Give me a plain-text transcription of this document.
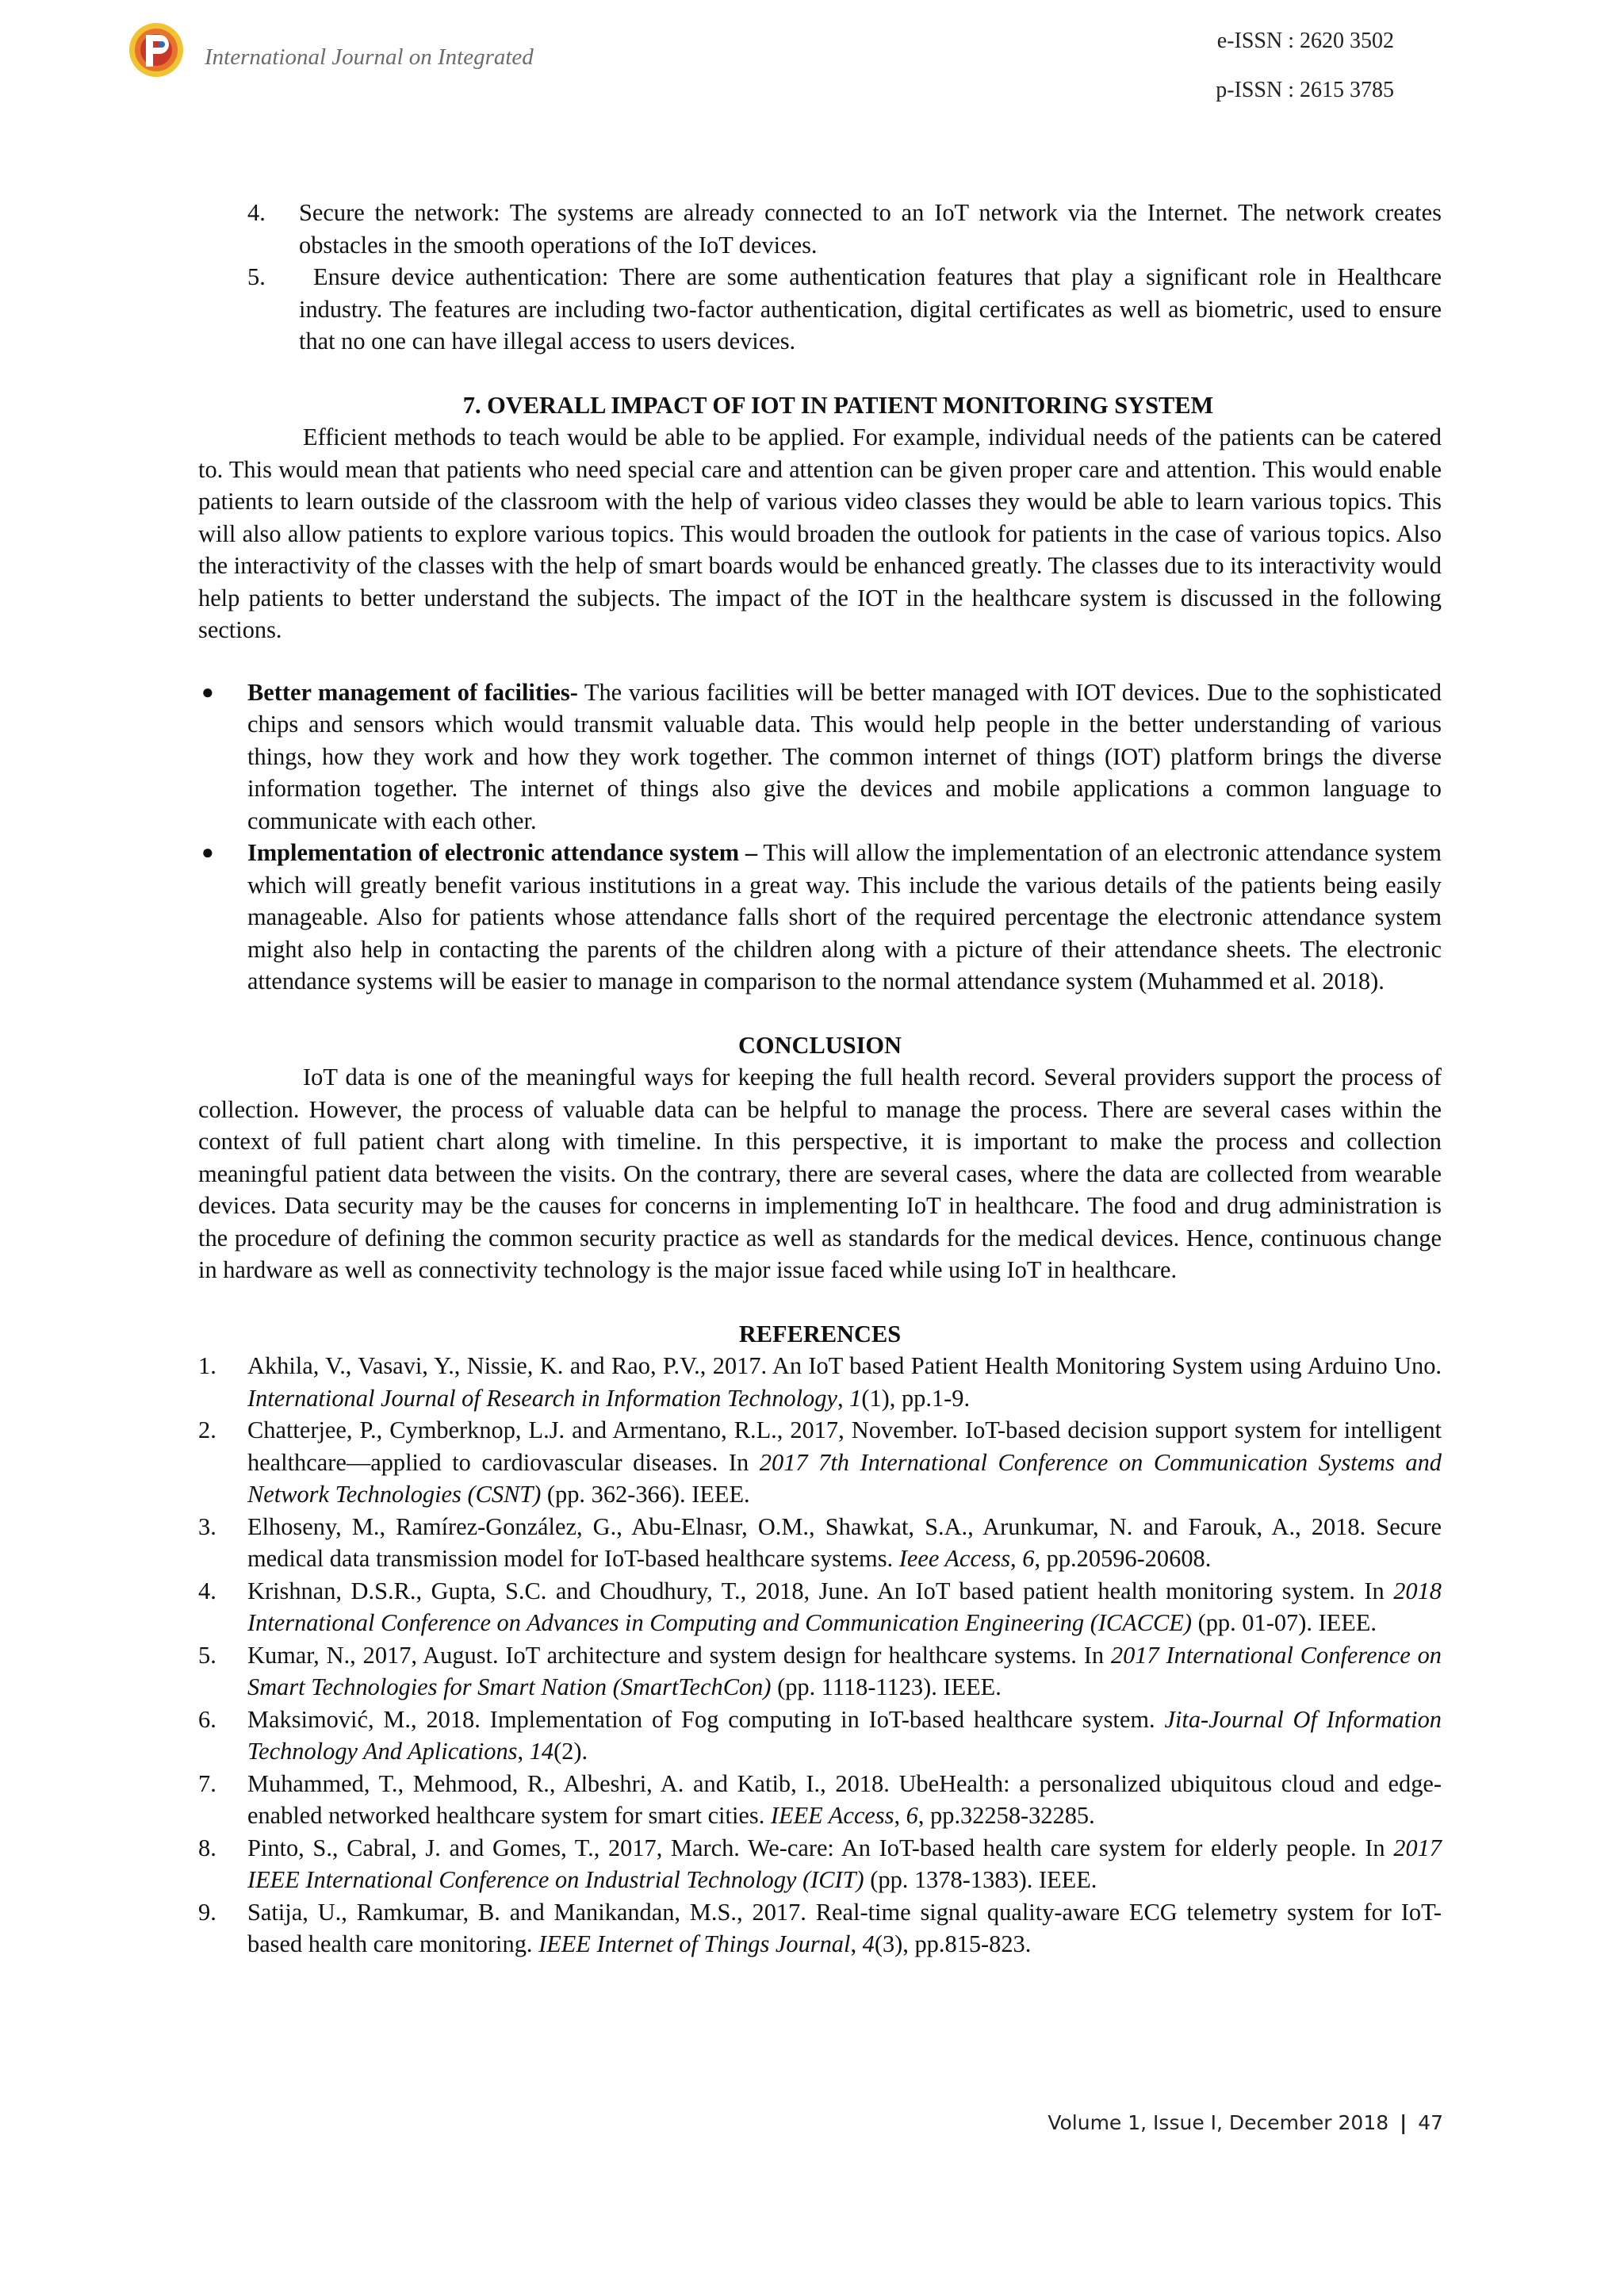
International Journal on Integrated
e-ISSN : 2620 3502
p-ISSN : 2615 3785
4. Secure the network: The systems are already connected to an IoT network via the Internet. The network creates obstacles in the smooth operations of the IoT devices.
5.	Ensure device authentication: There are some authentication features that play a significant role in Healthcare industry. The features are including two-factor authentication, digital certificates as well as biometric, used to ensure that no one can have illegal access to users devices.
7. OVERALL IMPACT OF IOT IN PATIENT MONITORING SYSTEM

Efficient methods to teach would be able to be applied. For example, individual needs of the patients can be catered to. This would mean that patients who need special care and attention can be given proper care and attention. This would enable patients to learn outside of the classroom with the help of various video classes they would be able to learn various topics. This will also allow patients to explore various topics. This would broaden the outlook for patients in the case of various topics. Also the interactivity of the classes with the help of smart boards would be enhanced greatly. The classes due to its interactivity would help patients to better understand the subjects. The impact of the IOT in the healthcare system is discussed in the following sections.

● Better management of facilities- The various facilities will be better managed with IOT devices. Due to the sophisticated chips and sensors which would transmit valuable data. This would help people in the better understanding of various things, how they work and how they work together. The common internet of things (IOT) platform brings the diverse information together. The internet of things also give the devices and mobile applications a common language to communicate with each other.
● Implementation of electronic attendance system – This will allow the implementation of an electronic attendance system which will greatly benefit various institutions in a great way. This include the various details of the patients being easily manageable. Also for patients whose attendance falls short of the required percentage the electronic attendance system might also help in contacting the parents of the children along with a picture of their attendance sheets. The electronic attendance systems will be easier to manage in comparison to the normal attendance system (Muhammed et al. 2018).
CONCLUSION

IoT data is one of the meaningful ways for keeping the full health record. Several providers support the process of collection. However, the process of valuable data can be helpful to manage the process. There are several cases within the context of full patient chart along with timeline. In this perspective, it is important to make the process and collection meaningful patient data between the visits. On the contrary, there are several cases, where the data are collected from wearable devices. Data security may be the causes for concerns in implementing IoT in healthcare. The food and drug administration is the procedure of defining the common security practice as well as standards for the medical devices. Hence, continuous change in hardware as well as connectivity technology is the major issue faced while using IoT in healthcare.

REFERENCES
1. Akhila, V., Vasavi, Y., Nissie, K. and Rao, P.V., 2017. An IoT based Patient Health Monitoring System using Arduino Uno. International Journal of Research in Information Technology, 1(1), pp.1-9.
2. Chatterjee, P., Cymberknop, L.J. and Armentano, R.L., 2017, November. IoT-based decision support system for intelligent healthcare—applied to cardiovascular diseases. In 2017 7th International Conference on Communication Systems and Network Technologies (CSNT) (pp. 362-366). IEEE.
3. Elhoseny, M., Ramírez-González, G., Abu-Elnasr, O.M., Shawkat, S.A., Arunkumar, N. and Farouk, A., 2018. Secure medical data transmission model for IoT-based healthcare systems. Ieee Access, 6, pp.20596-20608.
4. Krishnan, D.S.R., Gupta, S.C. and Choudhury, T., 2018, June. An IoT based patient health monitoring system. In 2018 International Conference on Advances in Computing and Communication Engineering (ICACCE) (pp. 01-07). IEEE.
5. Kumar, N., 2017, August. IoT architecture and system design for healthcare systems. In 2017 International Conference on Smart Technologies for Smart Nation (SmartTechCon) (pp. 1118-1123). IEEE.
6. Maksimović, M., 2018. Implementation of Fog computing in IoT-based healthcare system. Jita-Journal Of Information Technology And Aplications, 14(2).
7. Muhammed, T., Mehmood, R., Albeshri, A. and Katib, I., 2018. UbeHealth: a personalized ubiquitous cloud and edge-enabled networked healthcare system for smart cities. IEEE Access, 6, pp.32258-32285.
8. Pinto, S., Cabral, J. and Gomes, T., 2017, March. We-care: An IoT-based health care system for elderly people. In 2017 IEEE International Conference on Industrial Technology (ICIT) (pp. 1378-1383). IEEE.
9. Satija, U., Ramkumar, B. and Manikandan, M.S., 2017. Real-time signal quality-aware ECG telemetry system for IoT-based health care monitoring. IEEE Internet of Things Journal, 4(3), pp.815-823.
Volume 1, Issue I, December 2018 | 47
